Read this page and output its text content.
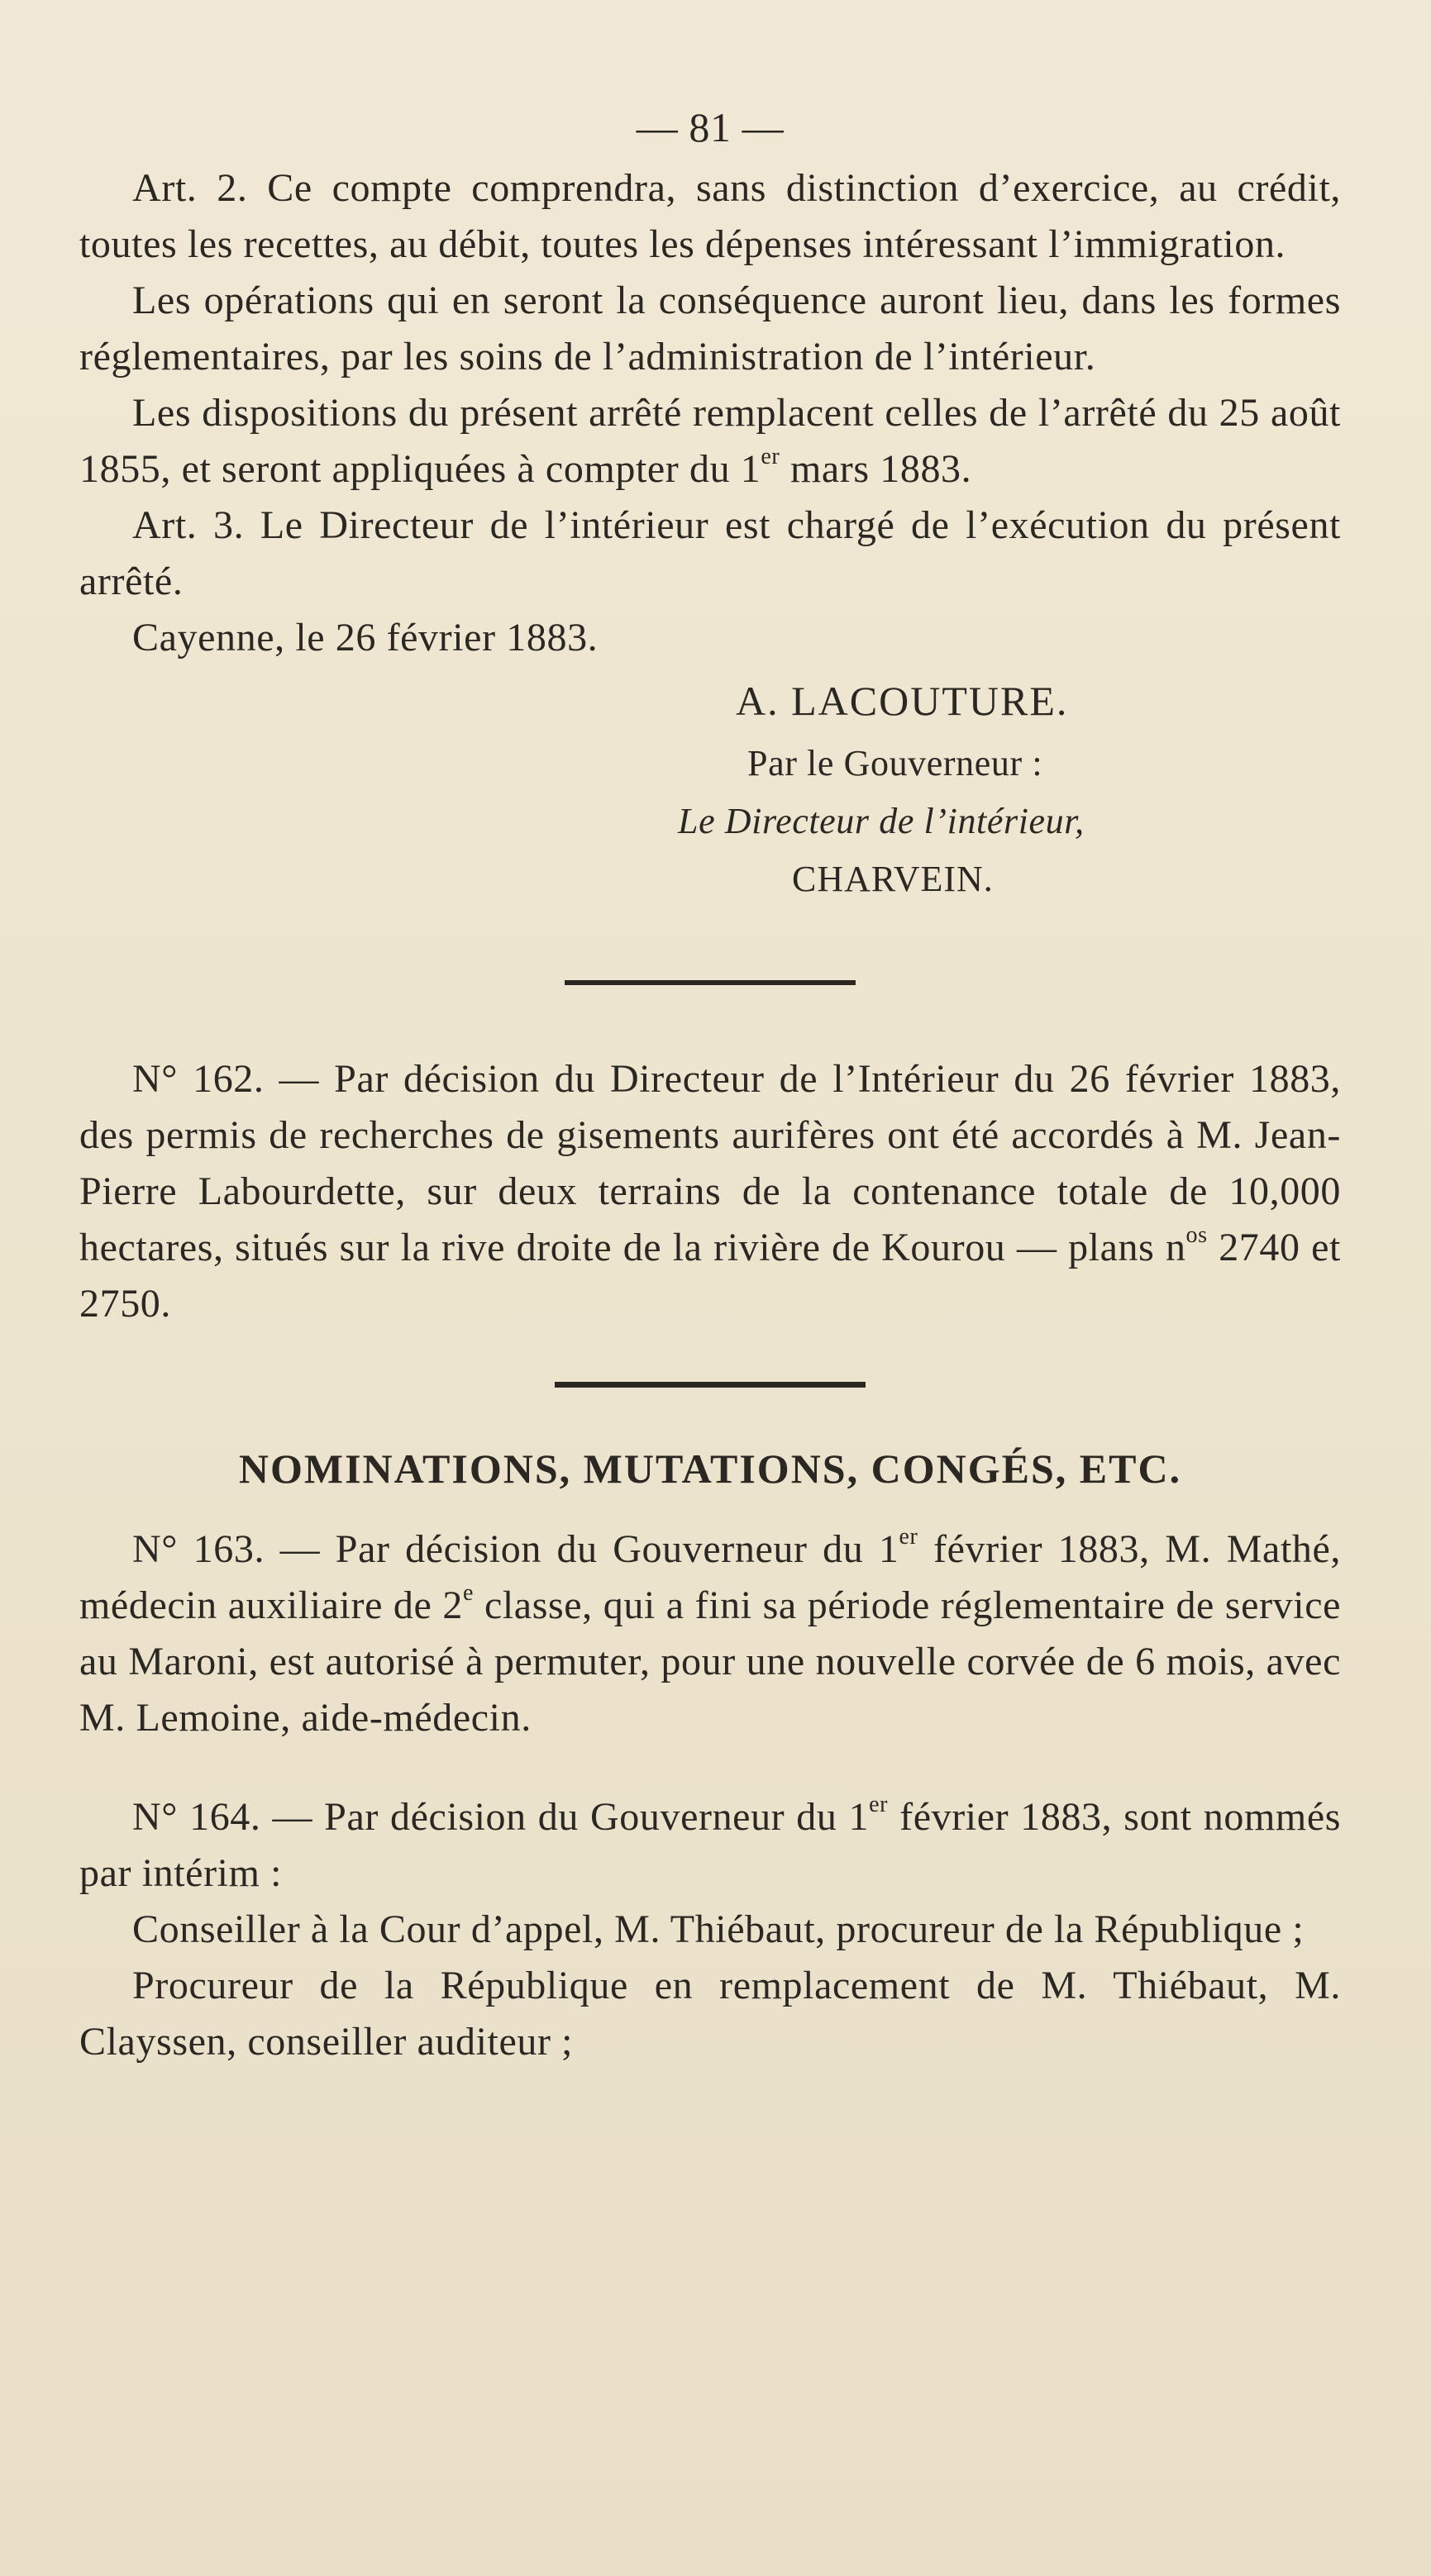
— 81 —

Art. 2. Ce compte comprendra, sans distinction d’exercice, au crédit, toutes les recettes, au débit, toutes les dépenses intéressant l’immigration.

Les opérations qui en seront la conséquence auront lieu, dans les formes réglementaires, par les soins de l’administration de l’intérieur.

Les dispositions du présent arrêté remplacent celles de l’arrêté du 25 août 1855, et seront appliquées à compter du 1er mars 1883.

Art. 3. Le Directeur de l’intérieur est chargé de l’exécution du présent arrêté.

Cayenne, le 26 février 1883.

A. LACOUTURE.
Par le Gouverneur :
Le Directeur de l’intérieur,
CHARVEIN.

N° 162. — Par décision du Directeur de l’Intérieur du 26 février 1883, des permis de recherches de gisements aurifères ont été accordés à M. Jean-Pierre Labourdette, sur deux terrains de la contenance totale de 10,000 hectares, situés sur la rive droite de la rivière de Kourou — plans $n^{os}$ 2740 et 2750.

NOMINATIONS, MUTATIONS, CONGÉS, ETC.

N° 163. — Par décision du Gouverneur du 1er février 1883, M. Mathé, médecin auxiliaire de 2e classe, qui a fini sa période réglementaire de service au Maroni, est autorisé à permuter, pour une nouvelle corvée de 6 mois, avec M. Lemoine, aide-médecin.

N° 164. — Par décision du Gouverneur du 1er février 1883, sont nommés par intérim :

Conseiller à la Cour d’appel, M. Thiébaut, procureur de la République ;

Procureur de la République en remplacement de M. Thiébaut, M. Clayssen, conseiller auditeur ;
